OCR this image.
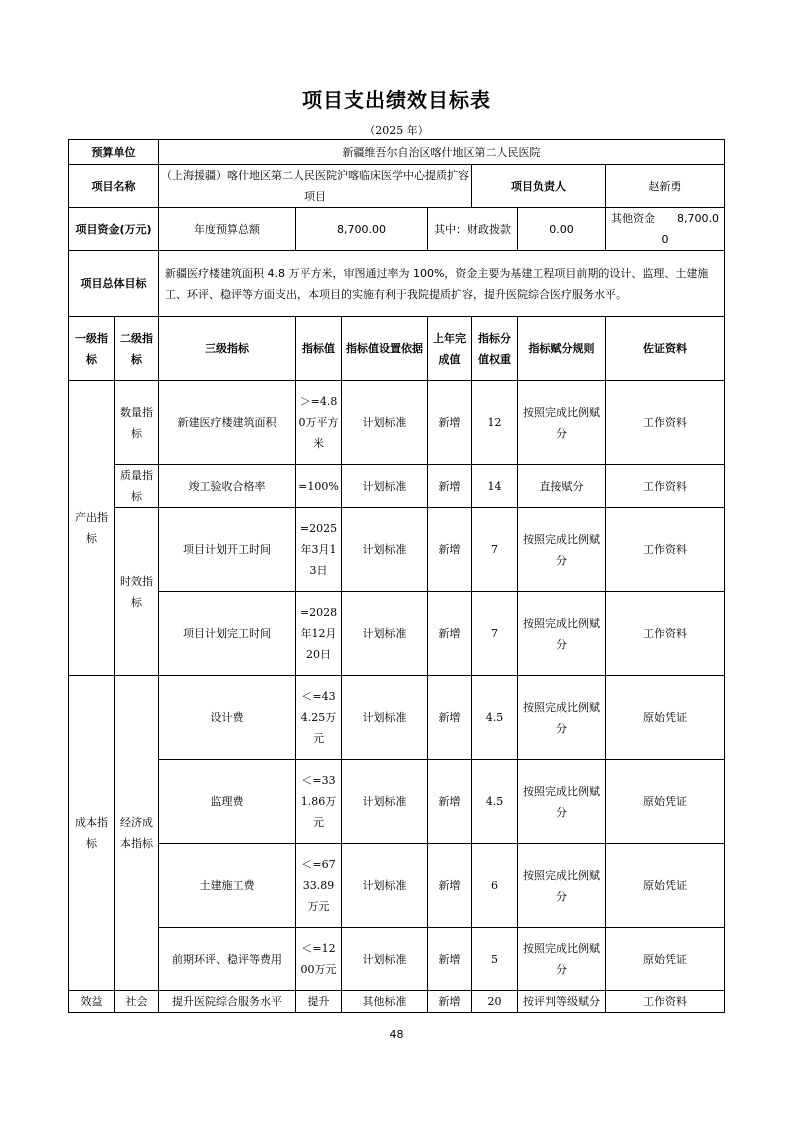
项目支出绩效目标表
（2025 年）
预算单位		新疆维吾尔自治区喀什地区第二人民医院						
项目名称		（上海援疆）喀什地区第二人民医院沪喀临床医学中心提质扩容项目				项目负责人		赵新勇
项目资金(万元)		年度预算总额	8,700.00		其中：财政拨款		0.00	其他资金 8,700.00
项目总体目标		新疆医疗楼建筑面积 4.8 万平方米，审图通过率为 100%，资金主要为基建工程项目前期的设计、监理、土建施工、环评、稳评等方面支出，本项目的实施有利于我院提质扩容，提升医院综合医疗服务水平。						
一级指标	二级指标	三级指标	指标值	指标值设置依据	上年完成值	指标分值权重	指标赋分规则	佐证资料
产出指标	数量指标	新建医疗楼建筑面积	＞=4.80万平方米	计划标准	新增	12	按照完成比例赋分	工作资料
	质量指标	竣工验收合格率	=100%	计划标准	新增	14	直接赋分	工作资料
	时效指标	项目计划开工时间	=2025年3月13日	计划标准	新增	7	按照完成比例赋分	工作资料
		项目计划完工时间	=2028年12月20日	计划标准	新增	7	按照完成比例赋分	工作资料
成本指标	经济成本指标	设计费	＜=434.25万元	计划标准	新增	4.5	按照完成比例赋分	原始凭证
		监理费	＜=331.86万元	计划标准	新增	4.5	按照完成比例赋分	原始凭证
		土建施工费	＜=6733.89万元	计划标准	新增	6	按照完成比例赋分	原始凭证
		前期环评、稳评等费用	＜=1200万元	计划标准	新增	5	按照完成比例赋分	原始凭证
效益	社会	提升医院综合服务水平	提升	其他标准	新增	20	按评判等级赋分	工作资料
48
